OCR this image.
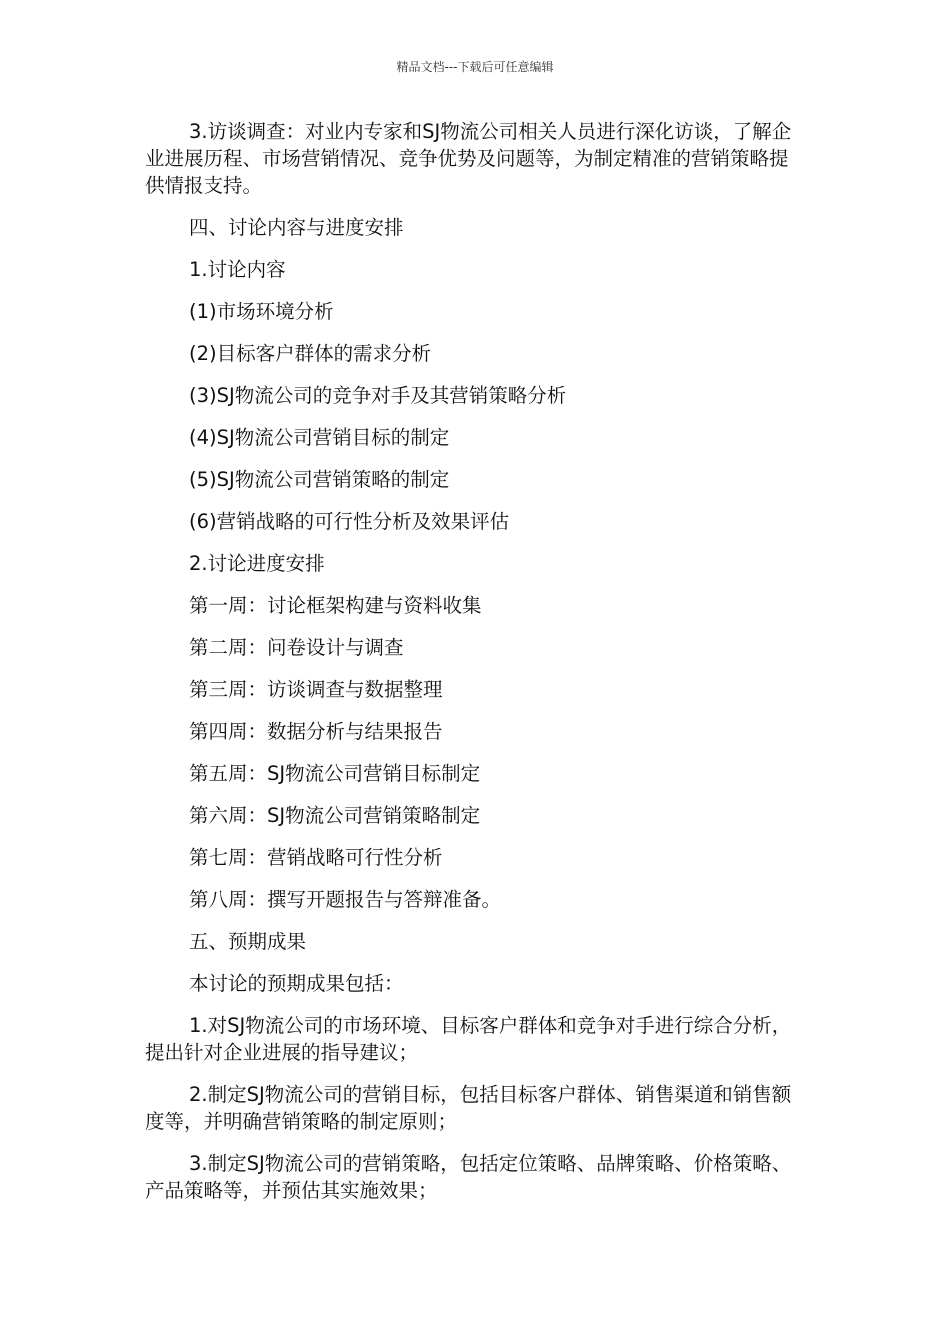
精品文档---下载后可任意编辑

3.访谈调查：对业内专家和SJ物流公司相关人员进行深化访谈，了解企业进展历程、市场营销情况、竞争优势及问题等，为制定精准的营销策略提供情报支持。

四、讨论内容与进度安排

1.讨论内容

(1)市场环境分析

(2)目标客户群体的需求分析

(3)SJ物流公司的竞争对手及其营销策略分析

(4)SJ物流公司营销目标的制定

(5)SJ物流公司营销策略的制定

(6)营销战略的可行性分析及效果评估

2.讨论进度安排

第一周：讨论框架构建与资料收集

第二周：问卷设计与调查

第三周：访谈调查与数据整理

第四周：数据分析与结果报告

第五周：SJ物流公司营销目标制定

第六周：SJ物流公司营销策略制定

第七周：营销战略可行性分析

第八周：撰写开题报告与答辩准备。

五、预期成果

本讨论的预期成果包括：

1.对SJ物流公司的市场环境、目标客户群体和竞争对手进行综合分析，提出针对企业进展的指导建议；

2.制定SJ物流公司的营销目标，包括目标客户群体、销售渠道和销售额度等，并明确营销策略的制定原则；

3.制定SJ物流公司的营销策略，包括定位策略、品牌策略、价格策略、产品策略等，并预估其实施效果；
